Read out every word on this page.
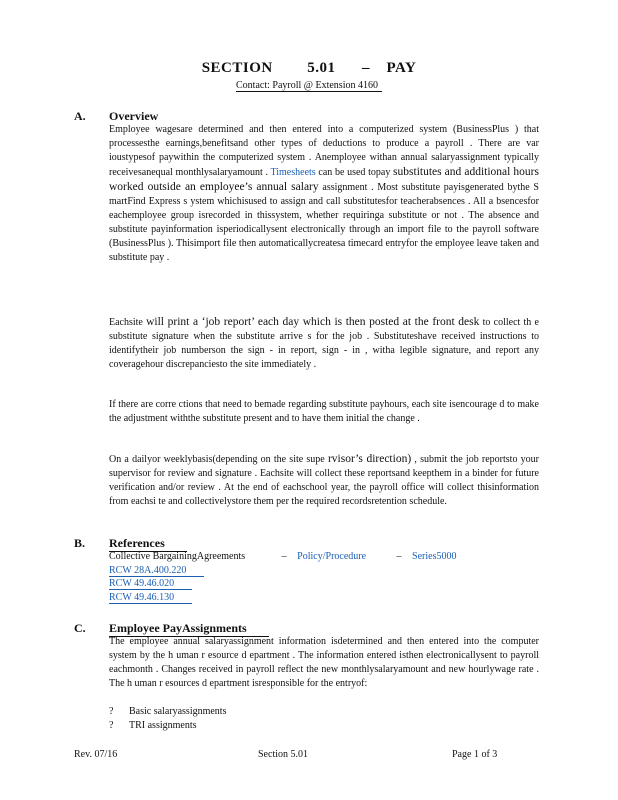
SECTION 5.01 – PAY
Contact: Payroll @ Extension 4160
A. Overview

Employee wagesare determined and then entered into a computerized system (BusinessPlus ) that processesthe earnings,benefitsand other types of deductions to produce a payroll . There are var ioustypesof paywithin the computerized system . Anemployee withan annual salaryassignment typically receivesanequal monthlysalaryamount . Timesheets can be used topay substitutes and additional hours worked outside an employee’s annual salary assignment . Most substitute payisgenerated bythe S martFind Express s ystem whichisused to assign and call substitutesfor teacherabsences . All a bsencesfor eachemployee group isrecorded in thissystem, whether requiringa substitute or not . The absence and substitute payinformation isperiodicallysent electronically through an import file to the payroll software (BusinessPlus ). Thisimport file then automaticallycreatesa timecard entryfor the employee leave taken and substitute pay .

Eachsite will print a ‘job report’ each day which is then posted at the front desk to collect th e substitute signature when the substitute arrive s for the job . Substituteshave received instructions to identifytheir job numberson the sign - in report, sign - in , witha legible signature, and report any coveragehour discrepanciesto the site immediately .

If there are corre ctions that need to bemade regarding substitute payhours, each site isencourage d to make the adjustment withthe substitute present and to have them initial the change .

On a dailyor weeklybasis(depending on the site supe rvisor’s direction) , submit the job reportsto your supervisor for review and signature . Eachsite will collect these reportsand keepthem in a binder for future verification and/or review . At the end of eachschool year, the payroll office will collect thisinformation from eachsi te and collectivelystore them per the required recordsretention schedule.

B. References
Collective BargainingAgreements	– Policy/Procedure	– Series5000
RCW 28A.400.220
RCW 49.46.020
RCW 49.46.130
C. Employee PayAssignments

The employee annual salaryassignment information isdetermined and then entered into the computer system by the h uman r esource d epartment . The information entered isthen electronicallysent to payroll eachmonth . Changes received in payroll reflect the new monthlysalaryamount and new hourlywage rate . The h uman r esources d epartment isresponsible for the entryof:

? Basic salaryassignments
? TRI assignments
Rev. 07/16	Section 5.01	Page 1 of 3
